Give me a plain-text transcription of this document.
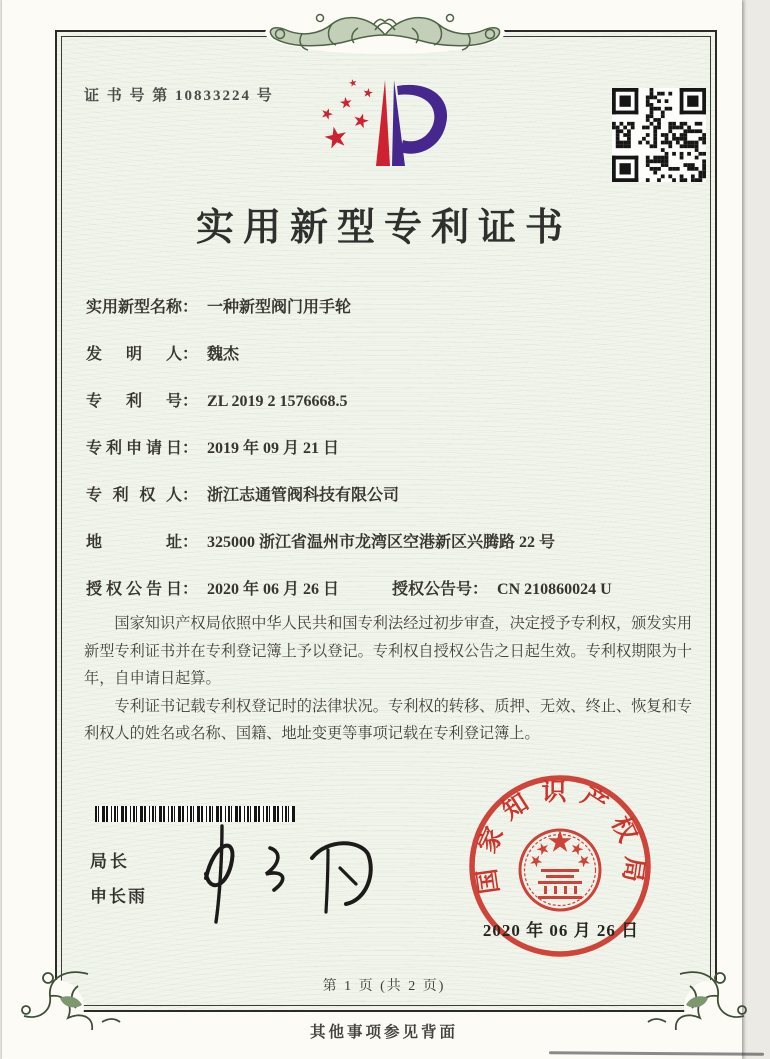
证 书 号 第 10833224 号
实用新型专利证书
实用新型名称： 一种新型阀门用手轮
发明人： 魏杰
专利号： ZL 2019 2 1576668.5
专利申请日： 2019 年 09 月 21 日
专利权人： 浙江志通管阀科技有限公司
地址： 325000 浙江省温州市龙湾区空港新区兴腾路 22 号
授权公告日： 2020 年 06 月 26 日	授权公告号： CN 210860024 U

国家知识产权局依照中华人民共和国专利法经过初步审查，决定授予专利权，颁发实用新型专利证书并在专利登记簿上予以登记。专利权自授权公告之日起生效。专利权期限为十年，自申请日起算。

专利证书记载专利权登记时的法律状况。专利权的转移、质押、无效、终止、恢复和专利权人的姓名或名称、国籍、地址变更等事项记载在专利登记簿上。

局长
申长雨
国家知识产权局
2020 年 06 月 26 日
第 1 页 (共 2 页)
其他事项参见背面
